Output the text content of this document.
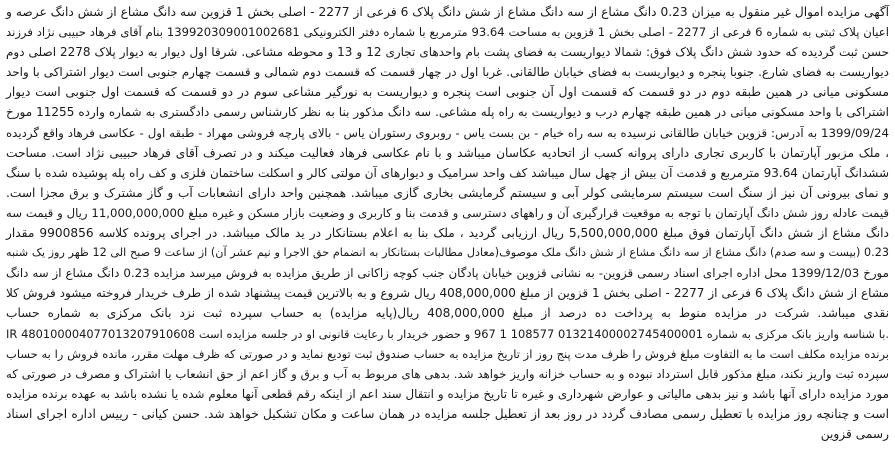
آگهی مزایده اموال غیر منقول به میزان 0.23 دانگ مشاع از سه دانگ مشاع از شش دانگ پلاک 6 فرعی از 2277 - اصلی بخش 1 قزوین سه دانگ مشاع از شش دانگ عرصه و
اعیان پلاک ثبتی به شماره 6 فرعی از 2277 - اصلی بخش 1 قزوین به مساحت 93.64 مترمربع با شماره دفتر الکترونیکی 139920309001002681 بنام آقای فرهاد حبیبی نژاد فرزند
حسن ثبت گردیده که حدود شش دانگ پلاک فوق: شمالا دیواریست به فضای پشت بام واحدهای تجاری 12 و 13 و محوطه مشاعی. شرقا اول دیوار به دیوار پلاک 2278 اصلی دوم
دیواریست به فضای شارع. جنوبا پنجره و دیواریست به فضای خیابان طالقانی. غربا اول در چهار قسمت که قسمت دوم شمالی و قسمت چهارم جنوبی است دیوار اشتراکی با واحد
مسکونی میانی در همین طبقه دوم در دو قسمت که قسمت اول آن جنوبی است پنجره و دیواریست به نورگیر مشاعی سوم در دو قسمت که قسمت اول جنوبی است دیوار
اشتراکی با واحد مسکونی میانی در همین طبقه چهارم درب و دیواریست به راه پله مشاعی. سه دانگ مذکور بنا به نظر کارشناس رسمی دادگستری به شماره وارده 11255 مورخ
1399/09/24 به آدرس: قزوین خیابان طالقانی نرسیده به سه راه خیام - بن بست یاس - روبروی رستوران یاس - بالای پارچه فروشی مهراد - طبقه اول - عکاسی فرهاد واقع گردیده
، ملک مزبور آپارتمان با کاربری تجاری دارای پروانه کسب از اتحادیه عکاسان میباشد و با نام عکاسی فرهاد فعالیت میکند و در تصرف آقای فرهاد حبیبی نژاد است. مساحت
ششدانگ آپارتمان 93.64 مترمربع و قدمت آن بیش از چهل سال میباشد کف واحد سرامیک و دیوارهای آن مولتی کالر و اسکلت ساختمان فلزی و کف راه پله پوشیده شده با سنگ
و نمای بیرونی آن نیز از سنگ است سیستم سرمایشی کولر آبی و سیستم گرمایشی بخاری گازی میباشد. همچنین واحد دارای انشعابات آب و گاز مشترک و برق مجزا است.
قیمت عادله روز شش دانگ آپارتمان با توجه به موقعیت قرارگیری آن و راههای دسترسی و قدمت بنا و کاربری و وضعیت بازار مسکن و غیره مبلغ 11,000,000,000 ریال و قیمت سه
دانگ مشاع از شش دانگ آپارتمان فوق مبلغ 5,500,000,000 ریال ارزیابی گردید ، ملک بنا به اعلام بستانکار در ید مالک میباشد. در اجرای پرونده کلاسه 9900856 مقدار
0.23 (بیست و سه صدم) دانگ مشاع از سه دانگ مشاع از شش دانگ ملک موصوف(معادل مطالبات بستانکار به انضمام حق الاجرا و نیم عشر آن) از ساعت 9 صبح الی 12 ظهر روز یک شنبه
مورخ 1399/12/03 محل اداره اجرای اسناد رسمی قزوین- به نشانی قزوین خیابان پادگان جنب کوچه زاکانی از طریق مزایده به فروش میرسد مزایده 0.23 دانگ مشاع از سه دانگ
مشاع از شش دانگ پلاک 6 فرعی از 2277 - اصلی بخش 1 قزوین از مبلغ 408,000,000 ریال شروع و به بالاترین قیمت پیشنهاد شده از طرف خریدار فروخته میشود فروش کلا
نقدی میباشد. شرکت در مزایده منوط به پرداخت ده درصد از مبلغ 408,000,000 ریال(پایه مزایده) به حساب سپرده ثبت نزد بانک مرکزی به شماره حساب
IR 480100004077013207910608 با شناسه واریز بانک مرکزی به شماره 01321400002745400001 108577 1 967 و حضور خریدار با رعایت قانونی او در جلسه مزایده است.
برنده مزایده مکلف است ما به التفاوت مبلغ فروش را ظرف مدت پنج روز از تاریخ مزایده به حساب صندوق ثبت تودیع نماید و در صورتی که ظرف مهلت مقرر، مانده فروش را به حساب
سپرده ثبت واریز نکند، مبلغ مذکور قابل استرداد نبوده و به حساب خزانه واریز خواهد شد. بدهی های مربوط به آب و برق و گاز اعم از حق انشعاب یا اشتراک و مصرف در صورتی که
مورد مزایده دارای آنها باشد و نیز بدهی مالیاتی و عوارض شهرداری و غیره تا تاریخ مزایده و انتقال سند اعم از اینکه رقم قطعی آنها معلوم شده یا نشده باشد به عهده برنده مزایده
است و چنانچه روز مزایده با تعطیل رسمی مصادف گردد در روز بعد از تعطیل جلسه مزایده در همان ساعت و مکان تشکیل خواهد شد. حسن کیانی - رییس اداره اجرای اسناد
رسمی قزوین
